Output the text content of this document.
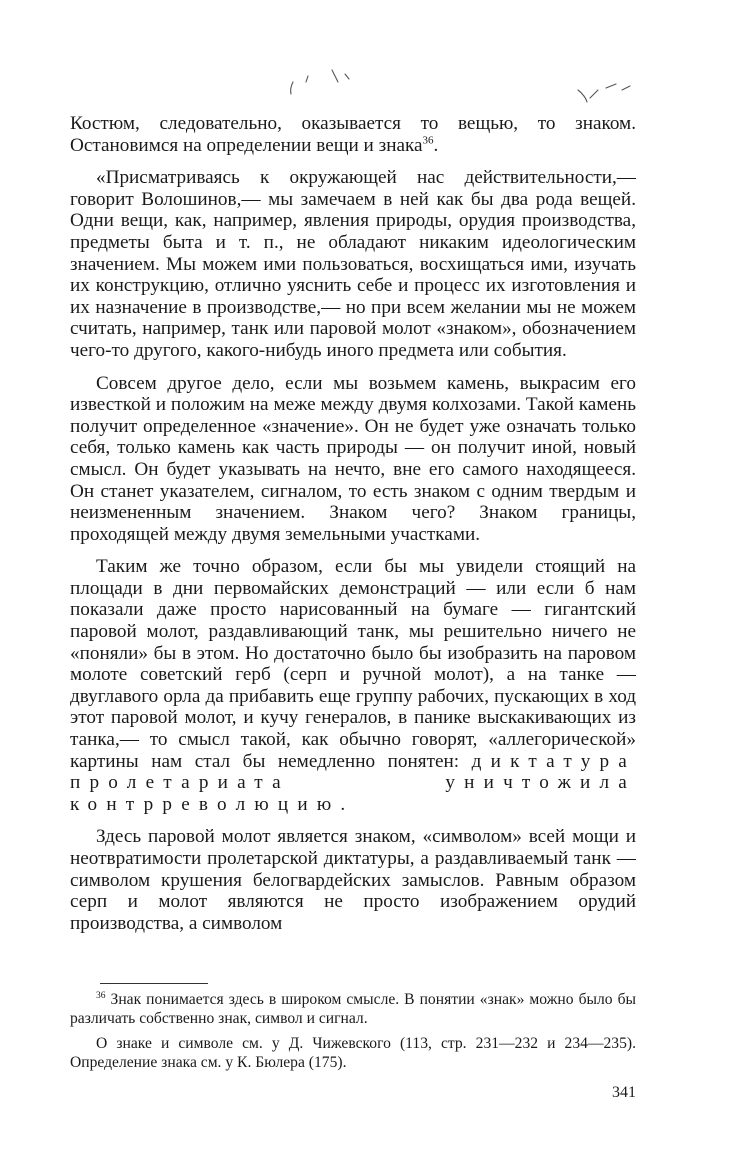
Костюм, следовательно, оказывается то вещью, то знаком. Остановимся на определении вещи и знака$^{36}$.

«Присматриваясь к окружающей нас действительности,— говорит Волошинов,— мы замечаем в ней как бы два рода вещей. Одни вещи, как, например, явления природы, орудия производства, предметы быта и т. п., не обладают никаким идеологическим значением. Мы можем ими пользоваться, восхищаться ими, изучать их конструкцию, отлично уяснить себе и процесс их изготовления и их назначение в производстве,— но при всем желании мы не можем считать, например, танк или паровой молот «знаком», обозначением чего-то другого, какого-нибудь иного предмета или события.

Совсем другое дело, если мы возьмем камень, выкрасим его известкой и положим на меже между двумя колхозами. Такой камень получит определенное «значение». Он не будет уже означать только себя, только камень как часть природы — он получит иной, новый смысл. Он будет указывать на нечто, вне его самого находящееся. Он станет указателем, сигналом, то есть знаком с одним твердым и неизмененным значением. Знаком чего? Знаком границы, проходящей между двумя земельными участками.

Таким же точно образом, если бы мы увидели стоящий на площади в дни первомайских демонстраций — или если б нам показали даже просто нарисованный на бумаге — гигантский паровой молот, раздавливающий танк, мы решительно ничего не «поняли» бы в этом. Но достаточно было бы изобразить на паровом молоте советский герб (серп и ручной молот), а на танке — двуглавого орла да прибавить еще группу рабочих, пускающих в ход этот паровой молот, и кучу генералов, в панике выскакивающих из танка,— то смысл такой, как обычно говорят, «аллегорической» картины нам стал бы немедленно понятен: диктатура пролетариата уничтожила контрреволюцию.

Здесь паровой молот является знаком, «символом» всей мощи и неотвратимости пролетарской диктатуры, а раздавливаемый танк — символом крушения белогвардейских замыслов. Равным образом серп и молот являются не просто изображением орудий производства, а символом

$^{36}$ Знак понимается здесь в широком смысле. В понятии «знак» можно было бы различать собственно знак, символ и сигнал.

О знаке и символе см. у Д. Чижевского (113, стр. 231—232 и 234—235). Определение знака см. у К. Бюлера (175).

341
